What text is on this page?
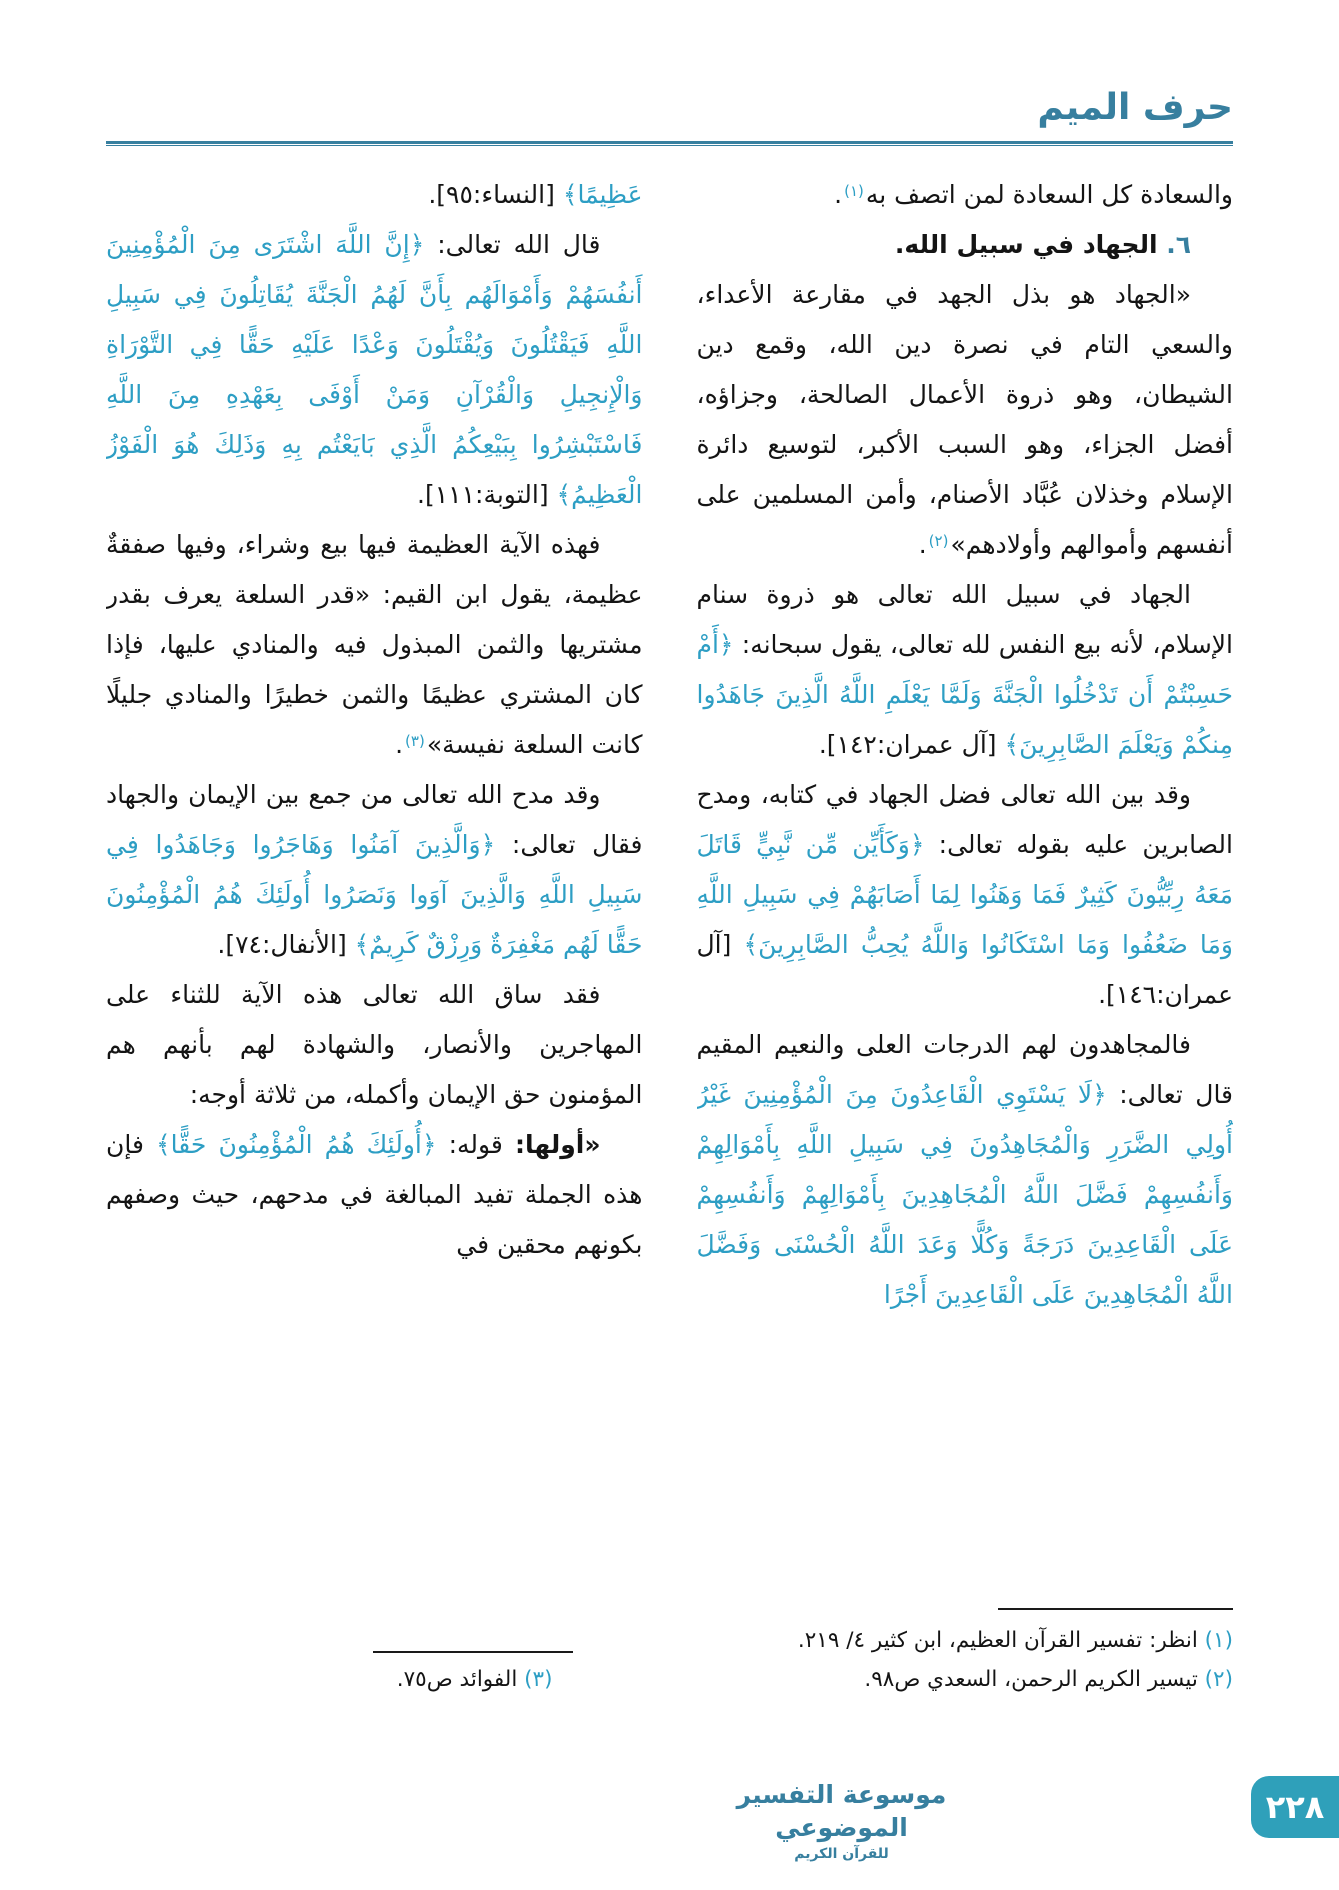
حرف الميم

والسعادة كل السعادة لمن اتصف به$^{(١)}$.

٦. الجهاد في سبيل الله.

«الجهاد هو بذل الجهد في مقارعة الأعداء، والسعي التام في نصرة دين الله، وقمع دين الشيطان، وهو ذروة الأعمال الصالحة، وجزاؤه، أفضل الجزاء، وهو السبب الأكبر، لتوسيع دائرة الإسلام وخذلان عُبَّاد الأصنام، وأمن المسلمين على أنفسهم وأموالهم وأولادهم»$^{(٢)}$.

الجهاد في سبيل الله تعالى هو ذروة سنام الإسلام، لأنه بيع النفس لله تعالى، يقول سبحانه: ﴿أَمْ حَسِبْتُمْ أَن تَدْخُلُوا الْجَنَّةَ وَلَمَّا يَعْلَمِ اللَّهُ الَّذِينَ جَاهَدُوا مِنكُمْ وَيَعْلَمَ الصَّابِرِينَ﴾ [آل عمران:١٤٢].

وقد بين الله تعالى فضل الجهاد في كتابه، ومدح الصابرين عليه بقوله تعالى: ﴿وَكَأَيِّن مِّن نَّبِيٍّ قَاتَلَ مَعَهُ رِبِّيُّونَ كَثِيرٌ فَمَا وَهَنُوا لِمَا أَصَابَهُمْ فِي سَبِيلِ اللَّهِ وَمَا ضَعُفُوا وَمَا اسْتَكَانُوا وَاللَّهُ يُحِبُّ الصَّابِرِينَ﴾ [آل عمران:١٤٦].

فالمجاهدون لهم الدرجات العلى والنعيم المقيم قال تعالى: ﴿لَا يَسْتَوِي الْقَاعِدُونَ مِنَ الْمُؤْمِنِينَ غَيْرُ أُولِي الضَّرَرِ وَالْمُجَاهِدُونَ فِي سَبِيلِ اللَّهِ بِأَمْوَالِهِمْ وَأَنفُسِهِمْ فَضَّلَ اللَّهُ الْمُجَاهِدِينَ بِأَمْوَالِهِمْ وَأَنفُسِهِمْ عَلَى الْقَاعِدِينَ دَرَجَةً وَكُلًّا وَعَدَ اللَّهُ الْحُسْنَى وَفَضَّلَ اللَّهُ الْمُجَاهِدِينَ عَلَى الْقَاعِدِينَ أَجْرًا

(١) انظر: تفسير القرآن العظيم، ابن كثير ٤/ ٢١٩.

(٢) تيسير الكريم الرحمن، السعدي ص٩٨.

عَظِيمًا﴾ [النساء:٩٥].

قال الله تعالى: ﴿إِنَّ اللَّهَ اشْتَرَى مِنَ الْمُؤْمِنِينَ أَنفُسَهُمْ وَأَمْوَالَهُم بِأَنَّ لَهُمُ الْجَنَّةَ يُقَاتِلُونَ فِي سَبِيلِ اللَّهِ فَيَقْتُلُونَ وَيُقْتَلُونَ وَعْدًا عَلَيْهِ حَقًّا فِي التَّوْرَاةِ وَالْإِنجِيلِ وَالْقُرْآنِ وَمَنْ أَوْفَى بِعَهْدِهِ مِنَ اللَّهِ فَاسْتَبْشِرُوا بِبَيْعِكُمُ الَّذِي بَايَعْتُم بِهِ وَذَلِكَ هُوَ الْفَوْزُ الْعَظِيمُ﴾ [التوبة:١١١].

فهذه الآية العظيمة فيها بيع وشراء، وفيها صفقةٌ عظيمة، يقول ابن القيم: «قدر السلعة يعرف بقدر مشتريها والثمن المبذول فيه والمنادي عليها، فإذا كان المشتري عظيمًا والثمن خطيرًا والمنادي جليلًا كانت السلعة نفيسة»$^{(٣)}$.

وقد مدح الله تعالى من جمع بين الإيمان والجهاد فقال تعالى: ﴿وَالَّذِينَ آمَنُوا وَهَاجَرُوا وَجَاهَدُوا فِي سَبِيلِ اللَّهِ وَالَّذِينَ آوَوا وَنَصَرُوا أُولَئِكَ هُمُ الْمُؤْمِنُونَ حَقًّا لَهُم مَغْفِرَةٌ وَرِزْقٌ كَرِيمٌ﴾ [الأنفال:٧٤].

فقد ساق الله تعالى هذه الآية للثناء على المهاجرين والأنصار، والشهادة لهم بأنهم هم المؤمنون حق الإيمان وأكمله، من ثلاثة أوجه:

«أولها: قوله: ﴿أُولَئِكَ هُمُ الْمُؤْمِنُونَ حَقًّا﴾ فإن هذه الجملة تفيد المبالغة في مدحهم، حيث وصفهم بكونهم محقين في

(٣) الفوائد ص٧٥.

موسوعة التفسير الموضوعي
للقرآن الكريم
٢٢٨
